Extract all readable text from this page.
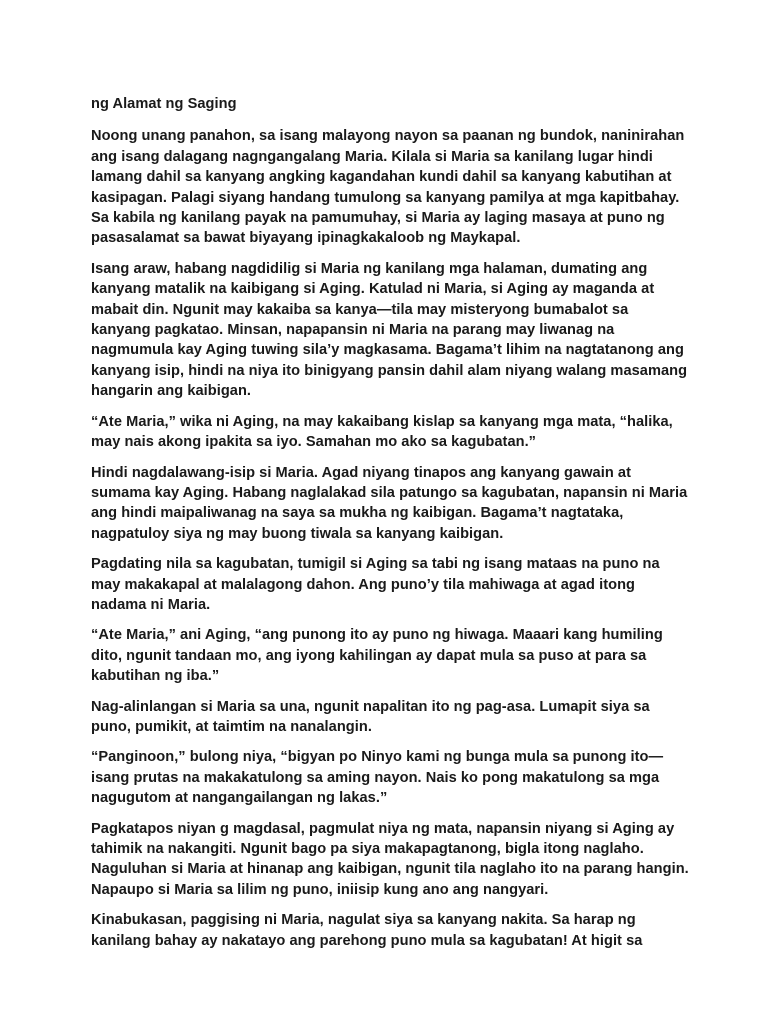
ng Alamat ng Saging

Noong unang panahon, sa isang malayong nayon sa paanan ng bundok, naninirahan ang isang dalagang nagngangalang Maria. Kilala si Maria sa kanilang lugar hindi lamang dahil sa kanyang angking kagandahan kundi dahil sa kanyang kabutihan at kasipagan. Palagi siyang handang tumulong sa kanyang pamilya at mga kapitbahay. Sa kabila ng kanilang payak na pamumuhay, si Maria ay laging masaya at puno ng pasasalamat sa bawat biyayang ipinagkakaloob ng Maykapal.

Isang araw, habang nagdidilig si Maria ng kanilang mga halaman, dumating ang kanyang matalik na kaibigang si Aging. Katulad ni Maria, si Aging ay maganda at mabait din. Ngunit may kakaiba sa kanya—tila may misteryong bumabalot sa kanyang pagkatao. Minsan, napapansin ni Maria na parang may liwanag na nagmumula kay Aging tuwing sila’y magkasama. Bagama’t lihim na nagtatanong ang kanyang isip, hindi na niya ito binigyang pansin dahil alam niyang walang masamang hangarin ang kaibigan.

“Ate Maria,” wika ni Aging, na may kakaibang kislap sa kanyang mga mata, “halika, may nais akong ipakita sa iyo. Samahan mo ako sa kagubatan.”

Hindi nagdalawang-isip si Maria. Agad niyang tinapos ang kanyang gawain at sumama kay Aging. Habang naglalakad sila patungo sa kagubatan, napansin ni Maria ang hindi maipaliwanag na saya sa mukha ng kaibigan. Bagama’t nagtataka, nagpatuloy siya ng may buong tiwala sa kanyang kaibigan.

Pagdating nila sa kagubatan, tumigil si Aging sa tabi ng isang mataas na puno na may makakapal at malalagong dahon. Ang puno’y tila mahiwaga at agad itong nadama ni Maria.

“Ate Maria,” ani Aging, “ang punong ito ay puno ng hiwaga. Maaari kang humiling dito, ngunit tandaan mo, ang iyong kahilingan ay dapat mula sa puso at para sa kabutihan ng iba.”

Nag-alinlangan si Maria sa una, ngunit napalitan ito ng pag-asa. Lumapit siya sa puno, pumikit, at taimtim na nanalangin.

“Panginoon,” bulong niya, “bigyan po Ninyo kami ng bunga mula sa punong ito—isang prutas na makakatulong sa aming nayon. Nais ko pong makatulong sa mga nagugutom at nangangailangan ng lakas.”

Pagkatapos niyan g magdasal, pagmulat niya ng mata, napansin niyang si Aging ay tahimik na nakangiti. Ngunit bago pa siya makapagtanong, bigla itong naglaho. Naguluhan si Maria at hinanap ang kaibigan, ngunit tila naglaho ito na parang hangin. Napaupo si Maria sa lilim ng puno, iniisip kung ano ang nangyari.

Kinabukasan, paggising ni Maria, nagulat siya sa kanyang nakita. Sa harap ng kanilang bahay ay nakatayo ang parehong puno mula sa kagubatan! At higit sa
